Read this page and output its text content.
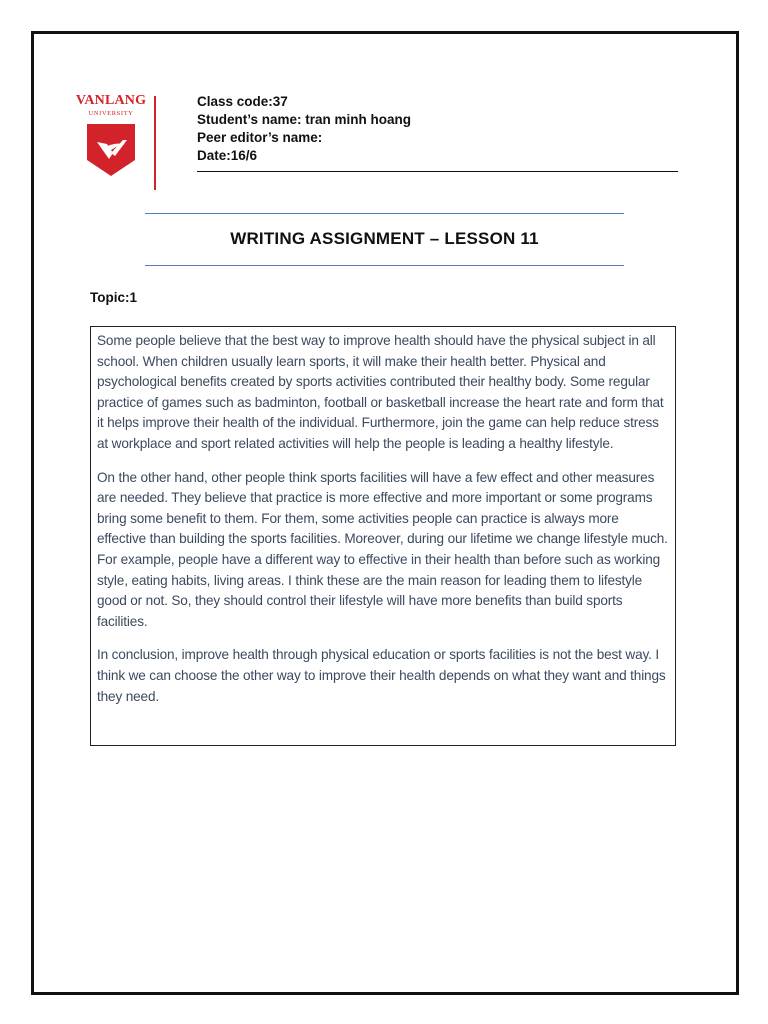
VANLANG
UNIVERSITY
Class code:37
Student’s name: tran minh hoang
Peer editor’s name:
Date:16/6
WRITING ASSIGNMENT – LESSON 11
Topic:1

Some people believe that the best way to improve health should have the physical subject in all school. When children usually learn sports, it will make their health better. Physical and psychological benefits created by sports activities contributed their healthy body. Some regular practice of games such as badminton, football or basketball increase the heart rate and form that it helps improve their health of the individual. Furthermore, join the game can help reduce stress at workplace and sport related activities will help the people is leading a healthy lifestyle.

On the other hand, other people think sports facilities will have a few effect and other measures are needed. They believe that practice is more effective and more important or some programs bring some benefit to them. For them, some activities people can practice is always more effective than building the sports facilities. Moreover, during our lifetime we change lifestyle much. For example, people have a different way to effective in their health than before such as working style, eating habits, living areas. I think these are the main reason for leading them to lifestyle good or not. So, they should control their lifestyle will have more benefits than build sports facilities.

In conclusion, improve health through physical education or sports facilities is not the best way. I think we can choose the other way to improve their health depends on what they want and things they need.
